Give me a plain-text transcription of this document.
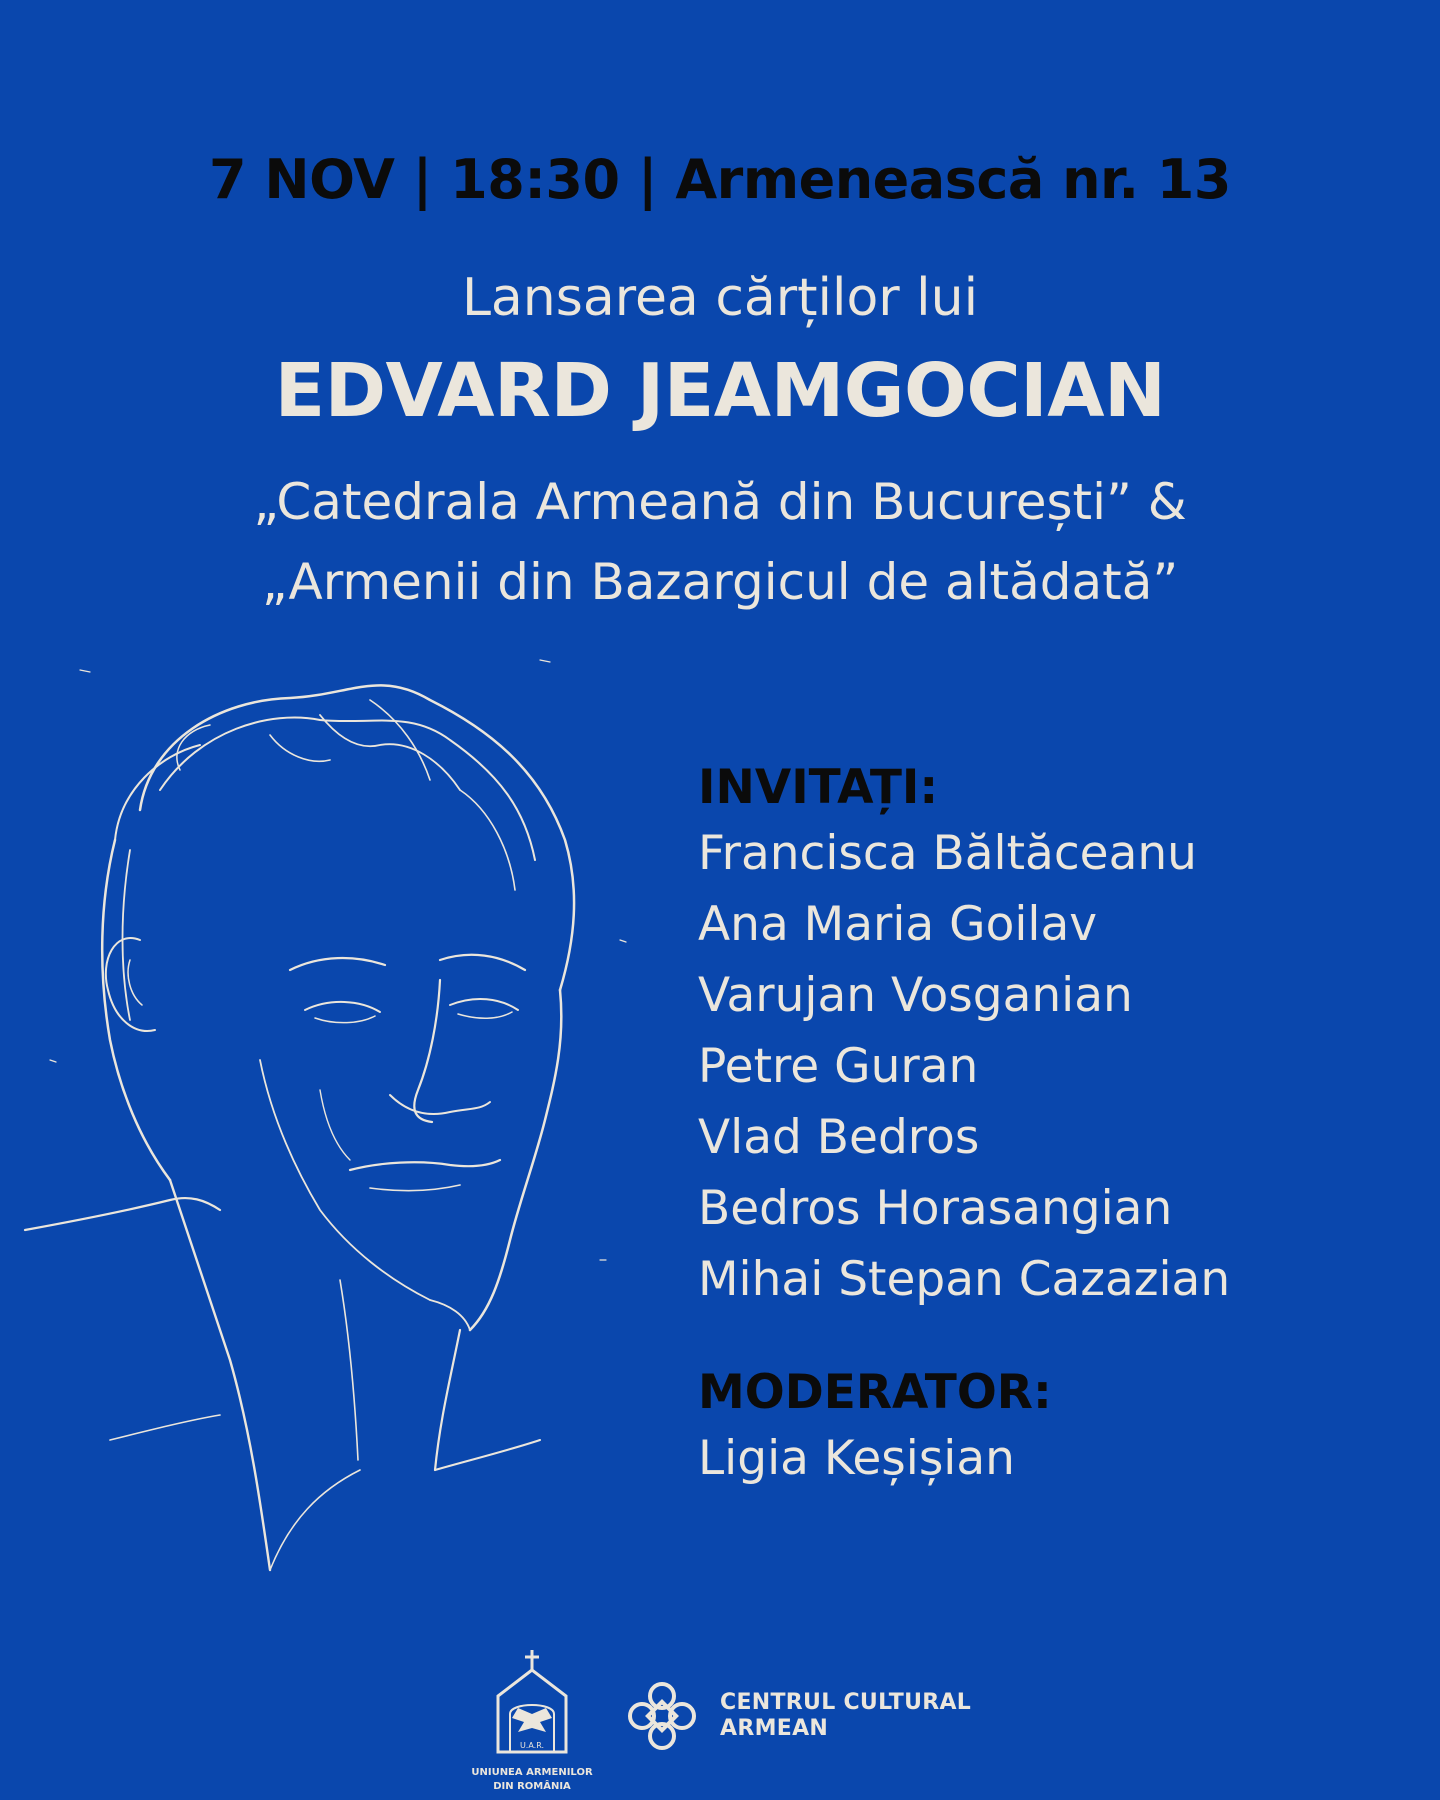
7 NOV | 18:30 | Armenească nr. 13
Lansarea cărților lui
EDVARD JEAMGOCIAN
„Catedrala Armeană din București” &
„Armenii din Bazargicul de altădată”
INVITAȚI:
Francisca Băltăceanu
Ana Maria Goilav
Varujan Vosganian
Petre Guran
Vlad Bedros
Bedros Horasangian
Mihai Stepan Cazazian
MODERATOR:
Ligia Keșișian
U.A.R.
UNIUNEA ARMENILOR
DIN ROMÂNIA
CENTRUL CULTURAL
ARMEAN
